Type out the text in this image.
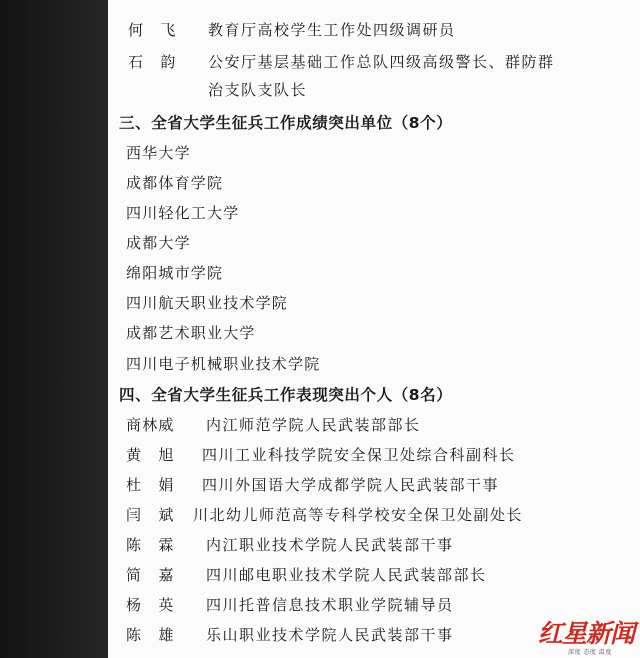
何　飞 教育厅高校学生工作处四级调研员
石　韵 公安厅基层基础工作总队四级高级警长、群防群
治支队支队长
三、全省大学生征兵工作成绩突出单位（8个）
西华大学
成都体育学院
四川轻化工大学
成都大学
绵阳城市学院
四川航天职业技术学院
成都艺术职业大学
四川电子机械职业技术学院
四、全省大学生征兵工作表现突出个人（8名）
商林威 内江师范学院人民武装部部长
黄　旭 四川工业科技学院安全保卫处综合科副科长
杜　娟 四川外国语大学成都学院人民武装部干事
闫　斌 川北幼儿师范高等专科学校安全保卫处副处长
陈　霖 内江职业技术学院人民武装部干事
简　嘉 四川邮电职业技术学院人民武装部部长
杨　英 四川托普信息技术职业学院辅导员
陈　雄 乐山职业技术学院人民武装部干事	红星新闻
深度 态度 温度
